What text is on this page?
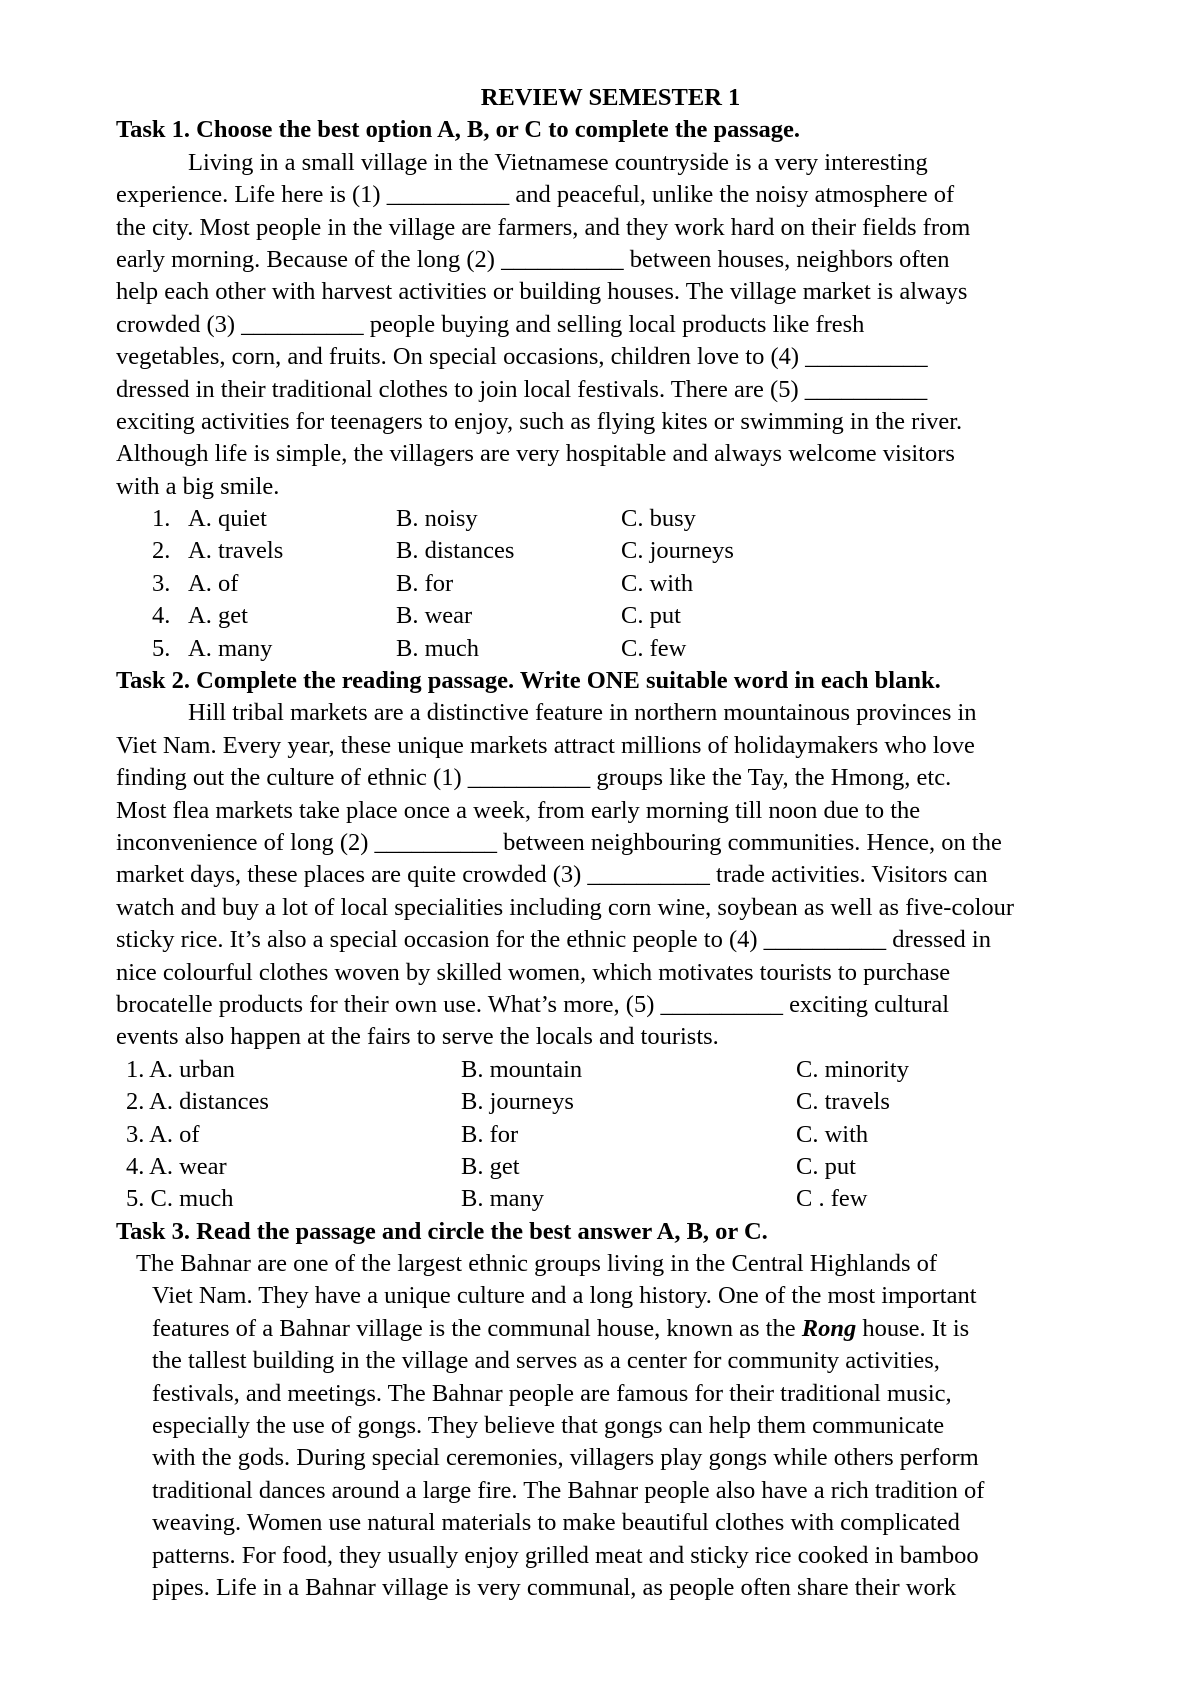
REVIEW SEMESTER 1
Task 1. Choose the best option A, B, or C to complete the passage.
Living in a small village in the Vietnamese countryside is a very interesting
experience. Life here is (1) __________ and peaceful, unlike the noisy atmosphere of
the city. Most people in the village are farmers, and they work hard on their fields from
early morning. Because of the long (2) __________ between houses, neighbors often
help each other with harvest activities or building houses. The village market is always
crowded (3) __________ people buying and selling local products like fresh
vegetables, corn, and fruits. On special occasions, children love to (4) __________
dressed in their traditional clothes to join local festivals. There are (5) __________
exciting activities for teenagers to enjoy, such as flying kites or swimming in the river.
Although life is simple, the villagers are very hospitable and always welcome visitors
with a big smile.
1. A. quiet	B. noisy	C. busy
2. A. travels	B. distances	C. journeys
3. A. of	B. for	C. with
4. A. get	B. wear	C. put
5. A. many	B. much	C. few
Task 2. Complete the reading passage. Write ONE suitable word in each blank.
Hill tribal markets are a distinctive feature in northern mountainous provinces in
Viet Nam. Every year, these unique markets attract millions of holidaymakers who love
finding out the culture of ethnic (1) __________ groups like the Tay, the Hmong, etc.
Most flea markets take place once a week, from early morning till noon due to the
inconvenience of long (2) __________ between neighbouring communities. Hence, on the
market days, these places are quite crowded (3) __________ trade activities. Visitors can
watch and buy a lot of local specialities including corn wine, soybean as well as five-colour
sticky rice. It’s also a special occasion for the ethnic people to (4) __________ dressed in
nice colourful clothes woven by skilled women, which motivates tourists to purchase
brocatelle products for their own use. What’s more, (5) __________ exciting cultural
events also happen at the fairs to serve the locals and tourists.
1. A. urban	B. mountain	C. minority
2. A. distances	B. journeys	C. travels
3. A. of	B. for	C. with
4. A. wear	B. get	C. put
5. C. much	B. many	C . few
Task 3. Read the passage and circle the best answer A, B, or C.
The Bahnar are one of the largest ethnic groups living in the Central Highlands of
Viet Nam. They have a unique culture and a long history. One of the most important
features of a Bahnar village is the communal house, known as the Rong house. It is
the tallest building in the village and serves as a center for community activities,
festivals, and meetings. The Bahnar people are famous for their traditional music,
especially the use of gongs. They believe that gongs can help them communicate
with the gods. During special ceremonies, villagers play gongs while others perform
traditional dances around a large fire. The Bahnar people also have a rich tradition of
weaving. Women use natural materials to make beautiful clothes with complicated
patterns. For food, they usually enjoy grilled meat and sticky rice cooked in bamboo
pipes. Life in a Bahnar village is very communal, as people often share their work
